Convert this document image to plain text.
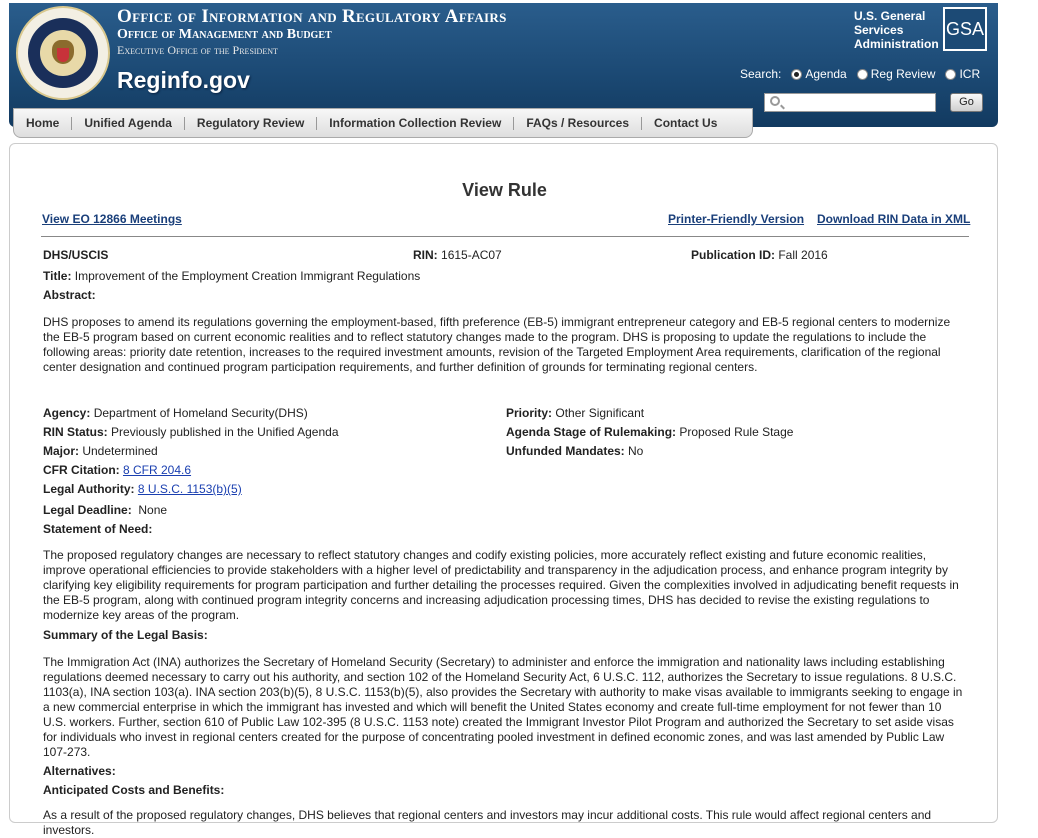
Office of Information and Regulatory Affairs
Office of Management and Budget
Executive Office of the President
Reginfo.gov
U.S. General
Services
Administration
GSA
Search: Agenda Reg Review ICR
Go
Home	Unified Agenda	Regulatory Review	Information Collection Review	FAQs / Resources	Contact Us
View Rule
View EO 12866 Meetings	Printer-Friendly Version Download RIN Data in XML
DHS/USCIS	RIN: 1615-AC07	Publication ID: Fall 2016
Title: Improvement of the Employment Creation Immigrant Regulations
Abstract:
DHS proposes to amend its regulations governing the employment-based, fifth preference (EB-5) immigrant entrepreneur category and EB-5 regional centers to modernize the EB-5 program based on current economic realities and to reflect statutory changes made to the program. DHS is proposing to update the regulations to include the following areas: priority date retention, increases to the required investment amounts, revision of the Targeted Employment Area requirements, clarification of the regional center designation and continued program participation requirements, and further definition of grounds for terminating regional centers.
Agency: Department of Homeland Security(DHS)	Priority: Other Significant
RIN Status: Previously published in the Unified Agenda	Agenda Stage of Rulemaking: Proposed Rule Stage
Major: Undetermined	Unfunded Mandates: No
CFR Citation: 8 CFR 204.6
Legal Authority: 8 U.S.C. 1153(b)(5)
Legal Deadline: None
Statement of Need:
The proposed regulatory changes are necessary to reflect statutory changes and codify existing policies, more accurately reflect existing and future economic realities, improve operational efficiencies to provide stakeholders with a higher level of predictability and transparency in the adjudication process, and enhance program integrity by clarifying key eligibility requirements for program participation and further detailing the processes required. Given the complexities involved in adjudicating benefit requests in the EB-5 program, along with continued program integrity concerns and increasing adjudication processing times, DHS has decided to revise the existing regulations to modernize key areas of the program.
Summary of the Legal Basis:
The Immigration Act (INA) authorizes the Secretary of Homeland Security (Secretary) to administer and enforce the immigration and nationality laws including establishing regulations deemed necessary to carry out his authority, and section 102 of the Homeland Security Act, 6 U.S.C. 112, authorizes the Secretary to issue regulations. 8 U.S.C. 1103(a), INA section 103(a). INA section 203(b)(5), 8 U.S.C. 1153(b)(5), also provides the Secretary with authority to make visas available to immigrants seeking to engage in a new commercial enterprise in which the immigrant has invested and which will benefit the United States economy and create full-time employment for not fewer than 10 U.S. workers. Further, section 610 of Public Law 102-395 (8 U.S.C. 1153 note) created the Immigrant Investor Pilot Program and authorized the Secretary to set aside visas for individuals who invest in regional centers created for the purpose of concentrating pooled investment in defined economic zones, and was last amended by Public Law 107-273.
Alternatives:
Anticipated Costs and Benefits:
As a result of the proposed regulatory changes, DHS believes that regional centers and investors may incur additional costs. This rule would affect regional centers and investors.
